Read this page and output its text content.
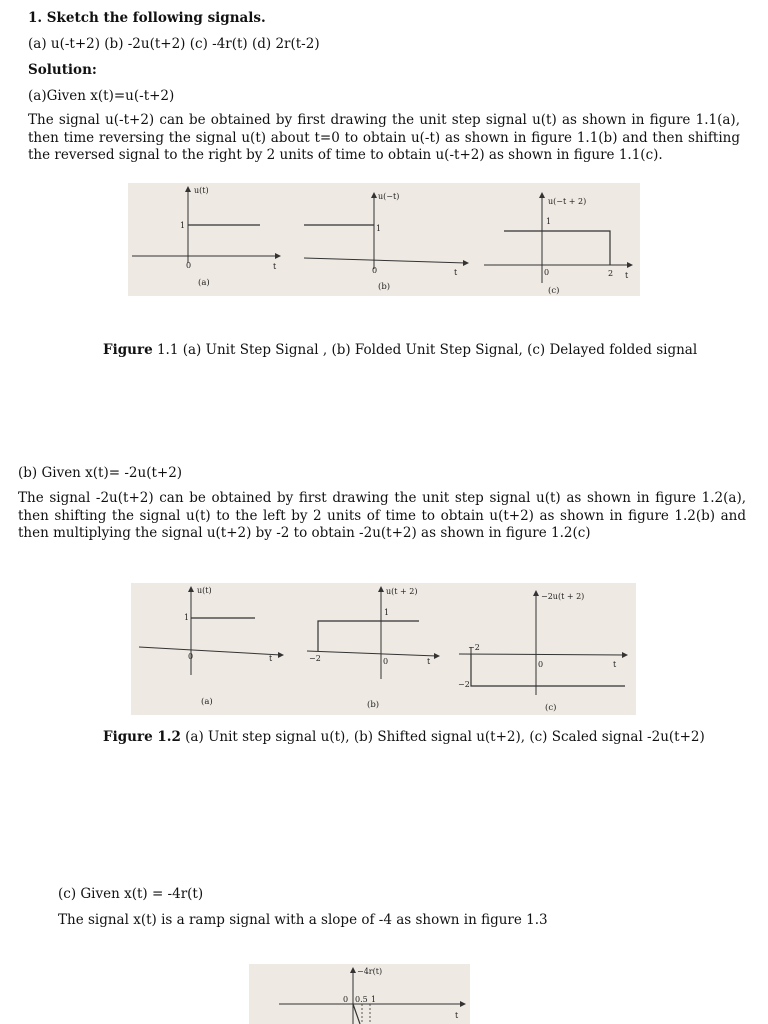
1. Sketch the following signals.

(a) u(-t+2) (b) -2u(t+2) (c) -4r(t) (d) 2r(t-2)

Solution:

(a)Given x(t)=u(-t+2)

The signal u(-t+2) can be obtained by first drawing the unit step signal u(t) as shown in figure 1.1(a), then time reversing the signal u(t) about t=0 to obtain u(-t) as shown in figure 1.1(b) and then shifting the reversed signal to the right by 2 units of time to obtain u(-t+2) as shown in figure 1.1(c).

u(t)
1
0	t
(a)
u(−t)
1
0	t
(b)
u(−t + 2)
1
0	2 t
(c)
Figure 1.1 (a) Unit Step Signal , (b) Folded Unit Step Signal, (c) Delayed folded signal

(b) Given x(t)= -2u(t+2)

The signal -2u(t+2) can be obtained by first drawing the unit step signal u(t) as shown in figure 1.2(a), then shifting the signal u(t) to the left by 2 units of time to obtain u(t+2) as shown in figure 1.2(b) and then multiplying the signal u(t+2) by -2 to obtain -2u(t+2) as shown in figure 1.2(c)

u(t)
1
0	t
(a)
u(t + 2)
1
0
−2	t
(b)
−2u(t + 2)
0
−2
−2
t
(c)
Figure 1.2 (a) Unit step signal u(t), (b) Shifted signal u(t+2), (c) Scaled signal -2u(t+2)

(c) Given x(t) = -4r(t)

The signal x(t) is a ramp signal with a slope of -4 as shown in figure 1.3

−4r(t)
0 0.5 1
t
